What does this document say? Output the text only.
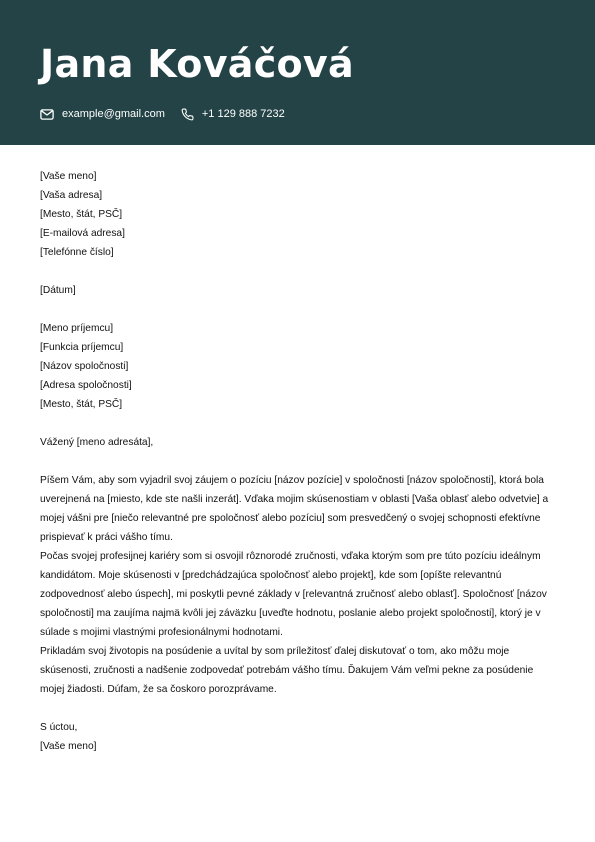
Jana Kováčová
example@gmail.com	+1 129 888 7232
[Vaše meno]
[Vaša adresa]
[Mesto, štát, PSČ]
[E-mailová adresa]
[Telefónne číslo]
[Dátum]
[Meno príjemcu]
[Funkcia príjemcu]
[Názov spoločnosti]
[Adresa spoločnosti]
[Mesto, štát, PSČ]
Vážený [meno adresáta],
Píšem Vám, aby som vyjadril svoj záujem o pozíciu [názov pozície] v spoločnosti [názov spoločnosti], ktorá bola uverejnená na [miesto, kde ste našli inzerát]. Vďaka mojim skúsenostiam v oblasti [Vaša oblasť alebo odvetvie] a mojej vášni pre [niečo relevantné pre spoločnosť alebo pozíciu] som presvedčený o svojej schopnosti efektívne prispievať k práci vášho tímu.
Počas svojej profesijnej kariéry som si osvojil rôznorodé zručnosti, vďaka ktorým som pre túto pozíciu ideálnym kandidátom. Moje skúsenosti v [predchádzajúca spoločnosť alebo projekt], kde som [opíšte relevantnú zodpovednosť alebo úspech], mi poskytli pevné základy v [relevantná zručnosť alebo oblasť]. Spoločnosť [názov spoločnosti] ma zaujíma najmä kvôli jej záväzku [uveďte hodnotu, poslanie alebo projekt spoločnosti], ktorý je v súlade s mojimi vlastnými profesionálnymi hodnotami.
Prikladám svoj životopis na posúdenie a uvítal by som príležitosť ďalej diskutovať o tom, ako môžu moje skúsenosti, zručnosti a nadšenie zodpovedať potrebám vášho tímu. Ďakujem Vám veľmi pekne za posúdenie mojej žiadosti. Dúfam, že sa čoskoro porozprávame.
S úctou,
[Vaše meno]
